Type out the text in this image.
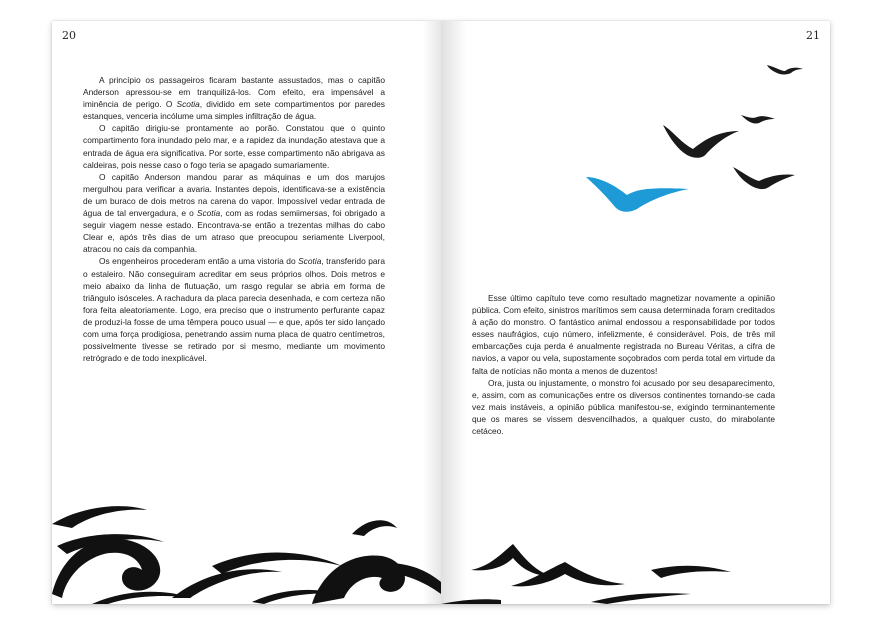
20

A princípio os passageiros ficaram bastante assustados, mas o capitão Anderson apressou-se em tranquilizá-los. Com efeito, era impensável a iminência de perigo. O Scotia, dividido em sete compartimentos por paredes estanques, venceria incólume uma simples infiltração de água.

O capitão dirigiu-se prontamente ao porão. Constatou que o quinto compartimento fora inundado pelo mar, e a rapidez da inundação atestava que a entrada de água era significativa. Por sorte, esse compartimento não abrigava as caldeiras, pois nesse caso o fogo teria se apagado sumariamente.

O capitão Anderson mandou parar as máquinas e um dos marujos mergulhou para verificar a avaria. Instantes depois, identificava-se a existência de um buraco de dois metros na carena do vapor. Impossível vedar entrada de água de tal envergadura, e o Scotia, com as rodas semiimersas, foi obrigado a seguir viagem nesse estado. Encontrava-se então a trezentas milhas do cabo Clear e, após três dias de um atraso que preocupou seriamente Liverpool, atracou no cais da companhia.

Os engenheiros procederam então a uma vistoria do Scotia, transferido para o estaleiro. Não conseguiram acreditar em seus próprios olhos. Dois metros e meio abaixo da linha de flutuação, um rasgo regular se abria em forma de triângulo isósceles. A rachadura da placa parecia desenhada, e com certeza não fora feita aleatoriamente. Logo, era preciso que o instrumento perfurante capaz de produzi-la fosse de uma têmpera pouco usual — e que, após ter sido lançado com uma força prodigiosa, penetrando assim numa placa de quatro centímetros, possivelmente tivesse se retirado por si mesmo, mediante um movimento retrógrado e de todo inexplicável.

21

Esse último capítulo teve como resultado magnetizar novamente a opinião pública. Com efeito, sinistros marítimos sem causa determinada foram creditados à ação do monstro. O fantástico animal endossou a responsabilidade por todos esses naufrágios, cujo número, infelizmente, é considerável. Pois, de três mil embarcações cuja perda é anualmente registrada no Bureau Véritas, a cifra de navios, a vapor ou vela, supostamente soçobrados com perda total em virtude da falta de notícias não monta a menos de duzentos!

Ora, justa ou injustamente, o monstro foi acusado por seu desaparecimento, e, assim, com as comunicações entre os diversos continentes tornando-se cada vez mais instáveis, a opinião pública manifestou-se, exigindo terminantemente que os mares se vissem desvencilhados, a qualquer custo, do mirabolante cetáceo.
